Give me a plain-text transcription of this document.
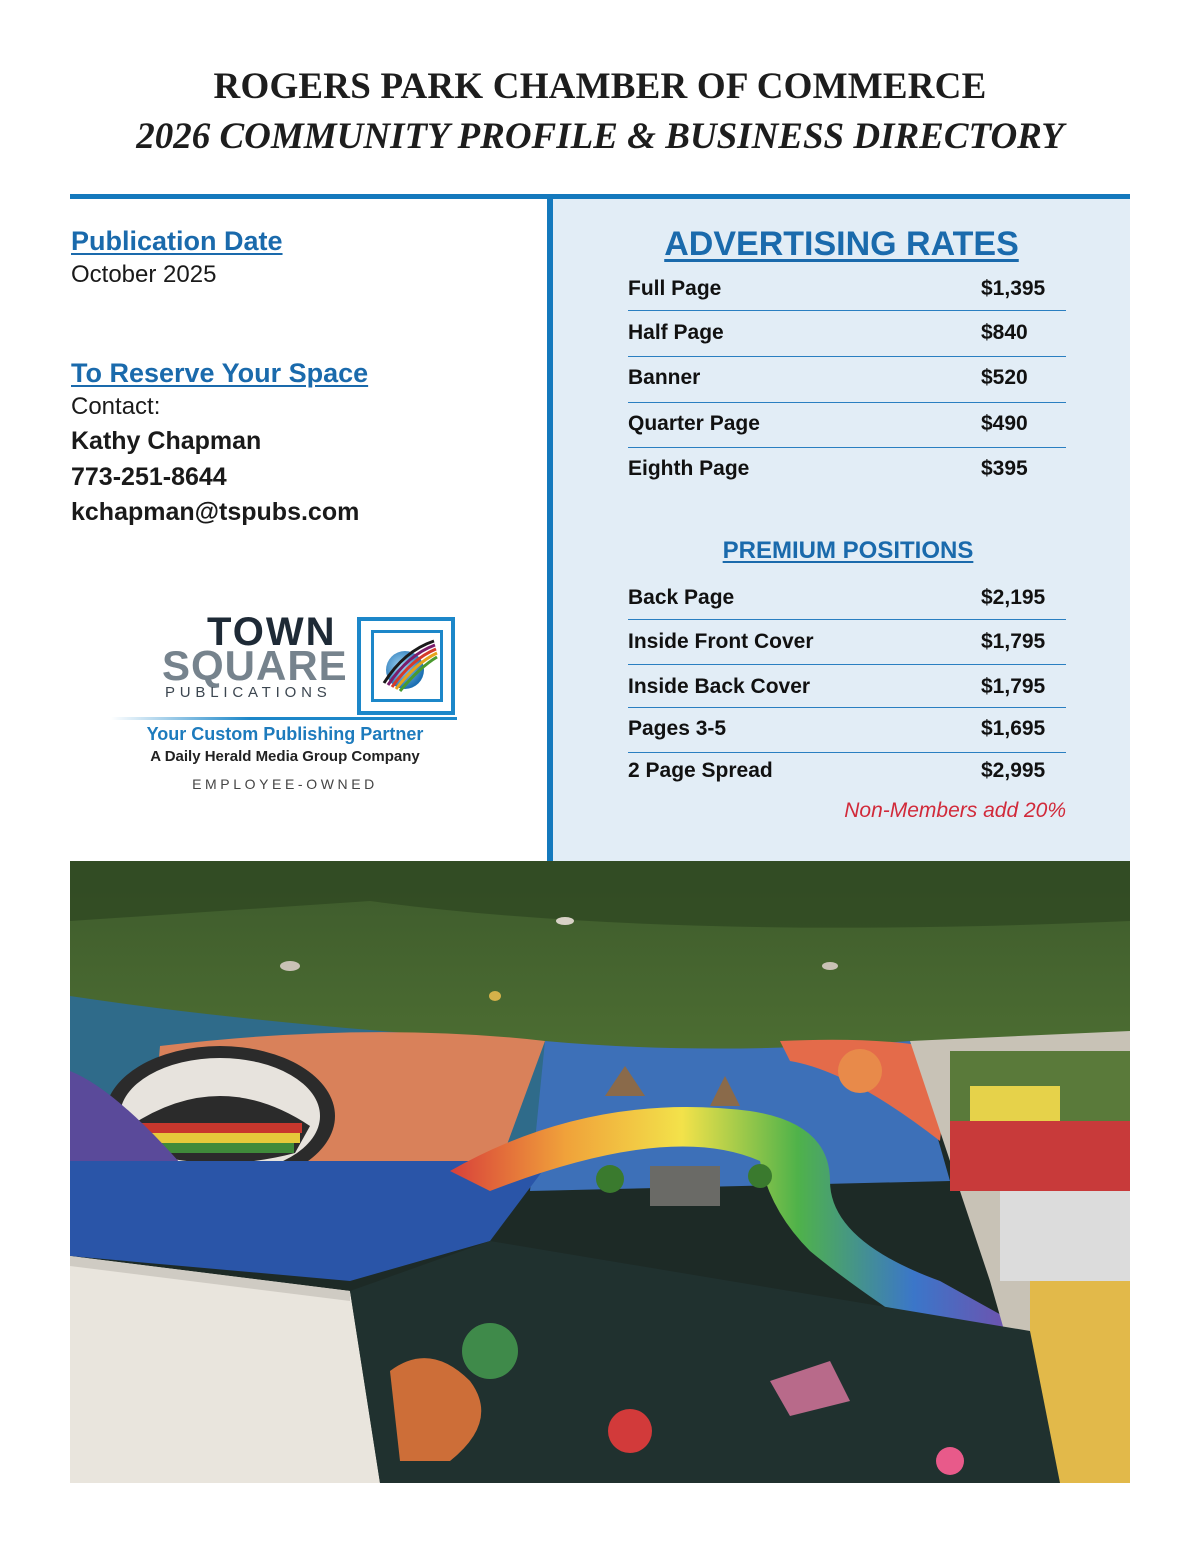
ROGERS PARK CHAMBER OF COMMERCE
2026 COMMUNITY PROFILE & BUSINESS DIRECTORY
Publication Date
October 2025
To Reserve Your Space
Contact:
Kathy Chapman
773-251-8644
kchapman@tspubs.com
TOWN
SQUARE
PUBLICATIONS
Your Custom Publishing Partner
A Daily Herald Media Group Company
EMPLOYEE-OWNED
ADVERTISING RATES
Full Page	$1,395
Half Page	$840
Banner	$520
Quarter Page	$490
Eighth Page	$395
PREMIUM POSITIONS
Back Page	$2,195
Inside Front Cover	$1,795
Inside Back Cover	$1,795
Pages 3-5	$1,695
2 Page Spread	$2,995
Non-Members add 20%
